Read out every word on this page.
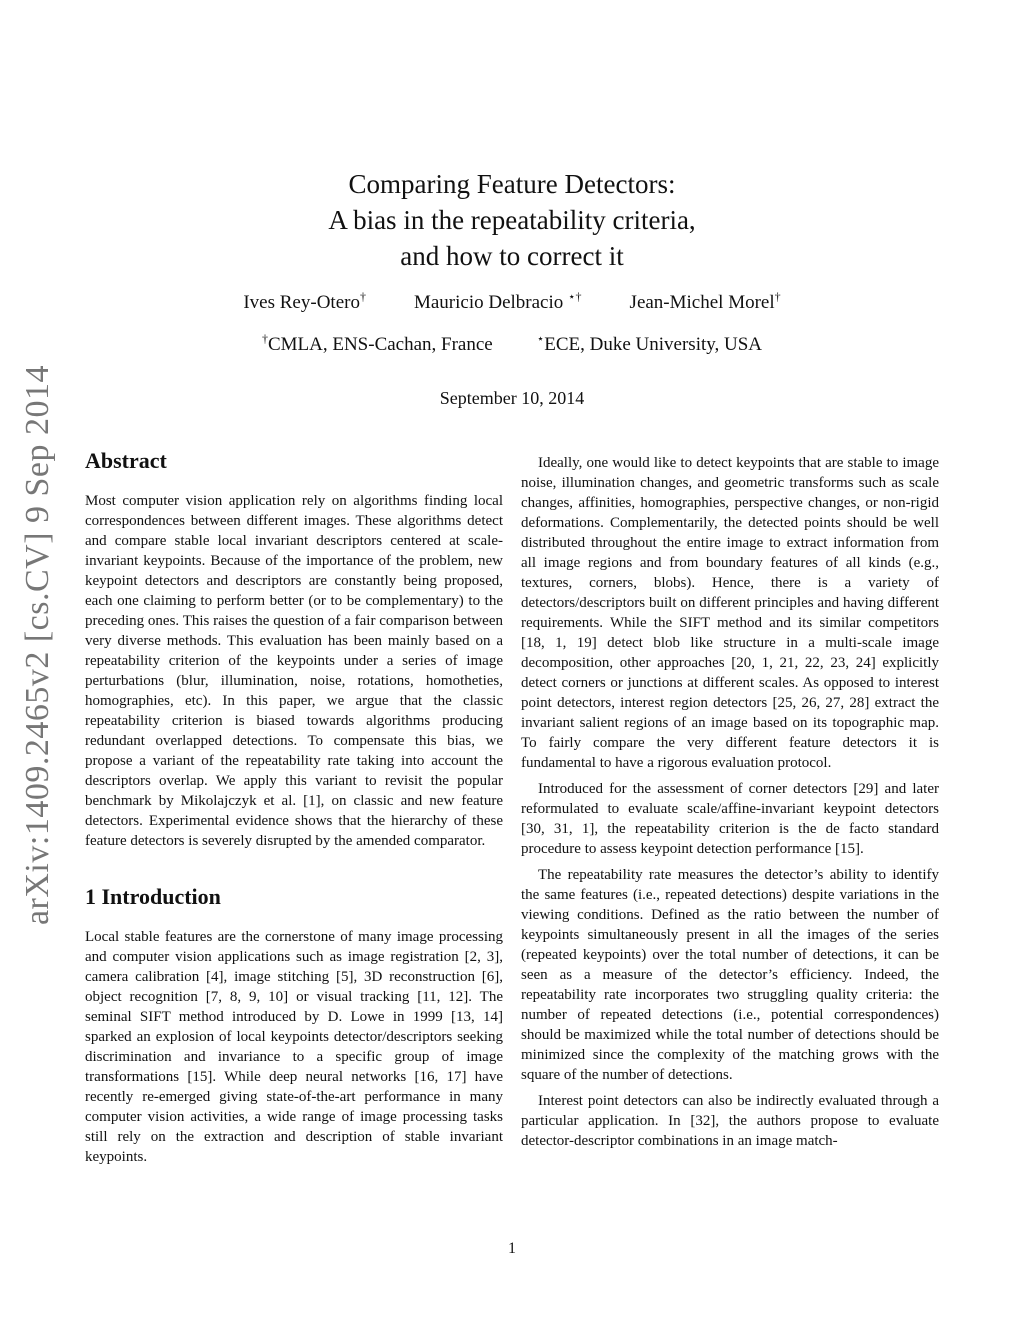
arXiv:1409.2465v2 [cs.CV] 9 Sep 2014
Comparing Feature Detectors:
A bias in the repeatability criteria,
and how to correct it
Ives Rey-Otero†	Mauricio Delbracio ⋆†	Jean-Michel Morel†
†CMLA, ENS-Cachan, France	⋆ECE, Duke University, USA
September 10, 2014
Abstract

Most computer vision application rely on algorithms finding local correspondences between different images. These algorithms detect and compare stable local invariant descriptors centered at scale-invariant keypoints. Because of the importance of the problem, new keypoint detectors and descriptors are constantly being proposed, each one claiming to perform better (or to be complementary) to the preceding ones. This raises the question of a fair comparison between very diverse methods. This evaluation has been mainly based on a repeatability criterion of the keypoints under a series of image perturbations (blur, illumination, noise, rotations, homotheties, homographies, etc). In this paper, we argue that the classic repeatability criterion is biased towards algorithms producing redundant overlapped detections. To compensate this bias, we propose a variant of the repeatability rate taking into account the descriptors overlap. We apply this variant to revisit the popular benchmark by Mikolajczyk et al. [1], on classic and new feature detectors. Experimental evidence shows that the hierarchy of these feature detectors is severely disrupted by the amended comparator.

1 Introduction

Local stable features are the cornerstone of many image processing and computer vision applications such as image registration [2, 3], camera calibration [4], image stitching [5], 3D reconstruction [6], object recognition [7, 8, 9, 10] or visual tracking [11, 12]. The seminal SIFT method introduced by D. Lowe in 1999 [13, 14] sparked an explosion of local keypoints detector/descriptors seeking discrimination and invariance to a specific group of image transformations [15]. While deep neural networks [16, 17] have recently re-emerged giving state-of-the-art performance in many computer vision activities, a wide range of image processing tasks still rely on the extraction and description of stable invariant keypoints.

Ideally, one would like to detect keypoints that are stable to image noise, illumination changes, and geometric transforms such as scale changes, affinities, homographies, perspective changes, or non-rigid deformations. Complementarily, the detected points should be well distributed throughout the entire image to extract information from all image regions and from boundary features of all kinds (e.g., textures, corners, blobs). Hence, there is a variety of detectors/descriptors built on different principles and having different requirements. While the SIFT method and its similar competitors [18, 1, 19] detect blob like structure in a multi-scale image decomposition, other approaches [20, 1, 21, 22, 23, 24] explicitly detect corners or junctions at different scales. As opposed to interest point detectors, interest region detectors [25, 26, 27, 28] extract the invariant salient regions of an image based on its topographic map. To fairly compare the very different feature detectors it is fundamental to have a rigorous evaluation protocol.

Introduced for the assessment of corner detectors [29] and later reformulated to evaluate scale/affine-invariant keypoint detectors [30, 31, 1], the repeatability criterion is the de facto standard procedure to assess keypoint detection performance [15].

The repeatability rate measures the detector’s ability to identify the same features (i.e., repeated detections) despite variations in the viewing conditions. Defined as the ratio between the number of keypoints simultaneously present in all the images of the series (repeated keypoints) over the total number of detections, it can be seen as a measure of the detector’s efficiency. Indeed, the repeatability rate incorporates two struggling quality criteria: the number of repeated detections (i.e., potential correspondences) should be maximized while the total number of detections should be minimized since the complexity of the matching grows with the square of the number of detections.

Interest point detectors can also be indirectly evaluated through a particular application. In [32], the authors propose to evaluate detector-descriptor combinations in an image match-

1
